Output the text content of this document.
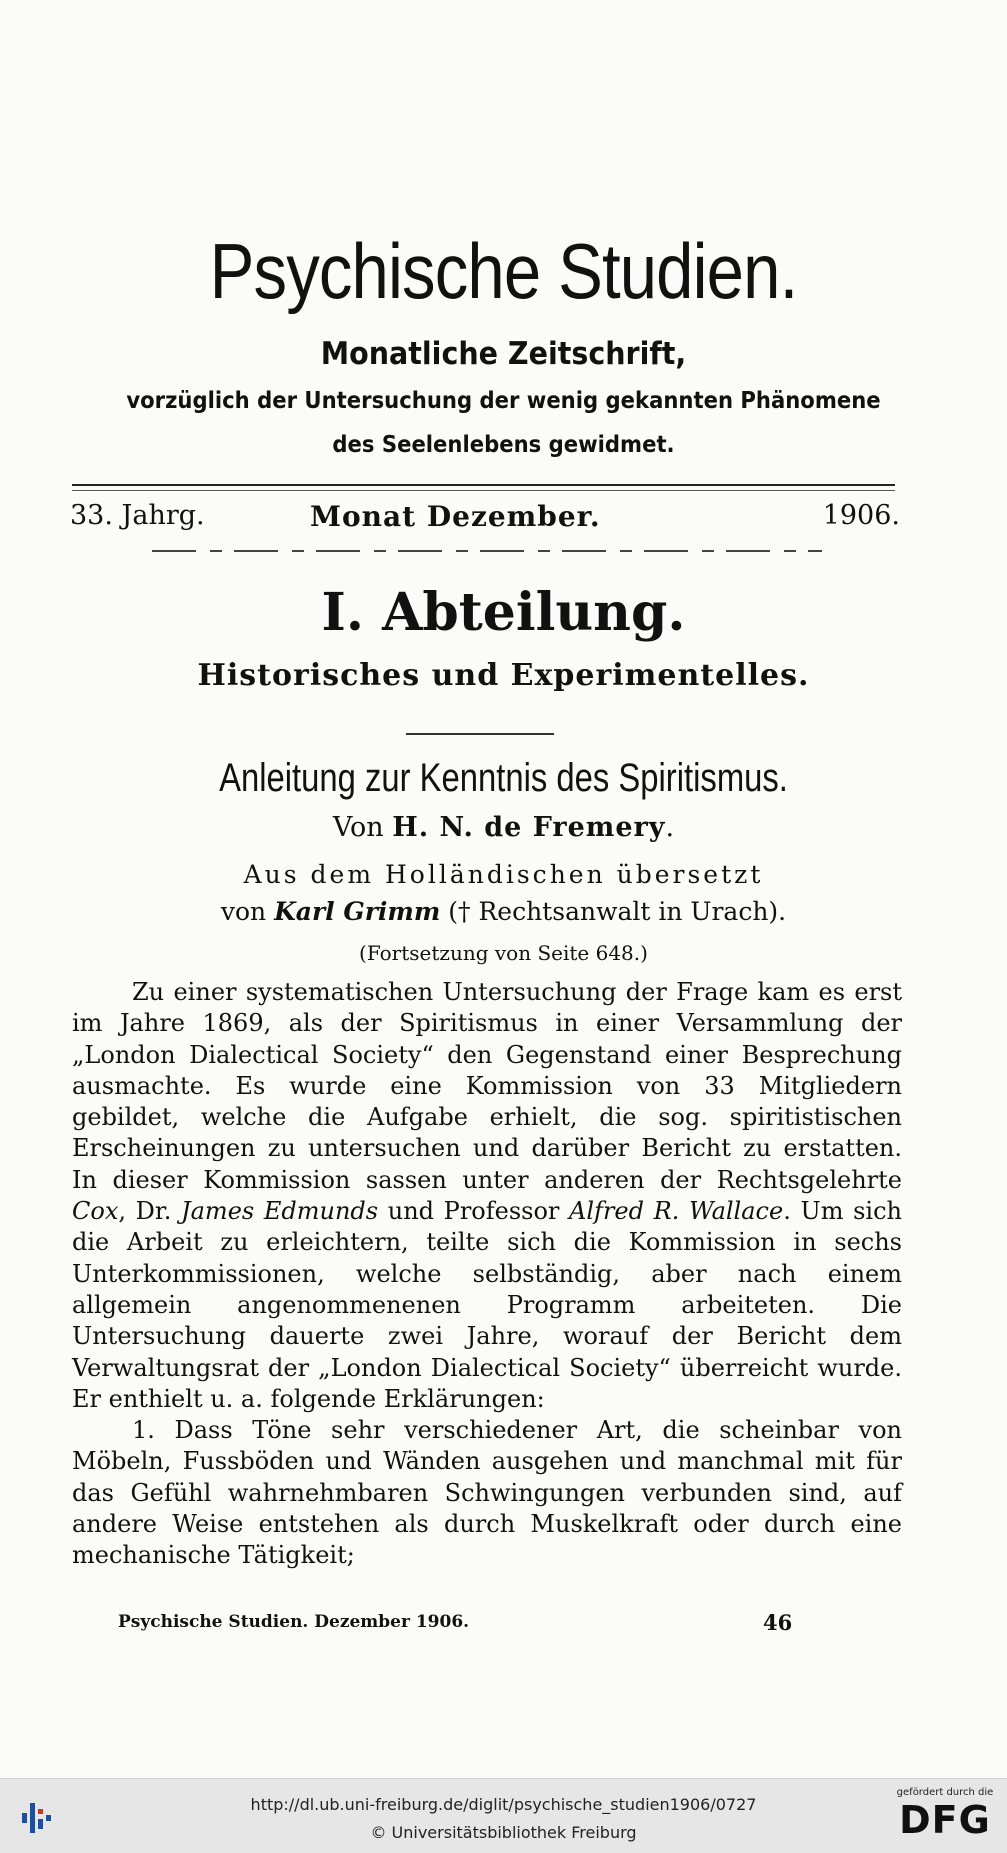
Psychische Studien.
Monatliche Zeitschrift,
vorzüglich der Untersuchung der wenig gekannten Phänomene
des Seelenlebens gewidmet.
33. Jahrg.	Monat Dezember.	1906.
I. Abteilung.
Historisches und Experimentelles.
Anleitung zur Kenntnis des Spiritismus.
Von H. N. de Fremery.
Aus dem Holländischen übersetzt
von Karl Grimm († Rechtsanwalt in Urach).
(Fortsetzung von Seite 648.)

Zu einer systematischen Untersuchung der Frage kam es erst im Jahre 1869, als der Spiritismus in einer Versammlung der „London Dialectical Society“ den Gegenstand einer Besprechung ausmachte. Es wurde eine Kommission von 33 Mitgliedern gebildet, welche die Aufgabe erhielt, die sog. spiritistischen Erscheinungen zu untersuchen und darüber Bericht zu erstatten. In dieser Kommission sassen unter anderen der Rechtsgelehrte Cox, Dr. James Edmunds und Professor Alfred R. Wallace. Um sich die Arbeit zu erleichtern, teilte sich die Kommission in sechs Unterkommissionen, welche selbständig, aber nach einem allgemein angenommenenen Programm arbeiteten. Die Untersuchung dauerte zwei Jahre, worauf der Bericht dem Verwaltungsrat der „London Dialectical Society“ überreicht wurde. Er enthielt u. a. folgende Erklärungen:

1. Dass Töne sehr verschiedener Art, die scheinbar von Möbeln, Fussböden und Wänden ausgehen und manchmal mit für das Gefühl wahrnehmbaren Schwingungen verbunden sind, auf andere Weise entstehen als durch Muskelkraft oder durch eine mechanische Tätigkeit;

Psychische Studien. Dezember 1906.	46
http://dl.ub.uni-freiburg.de/diglit/psychische_studien1906/0727
© Universitätsbibliothek Freiburg
gefördert durch die
DFG
